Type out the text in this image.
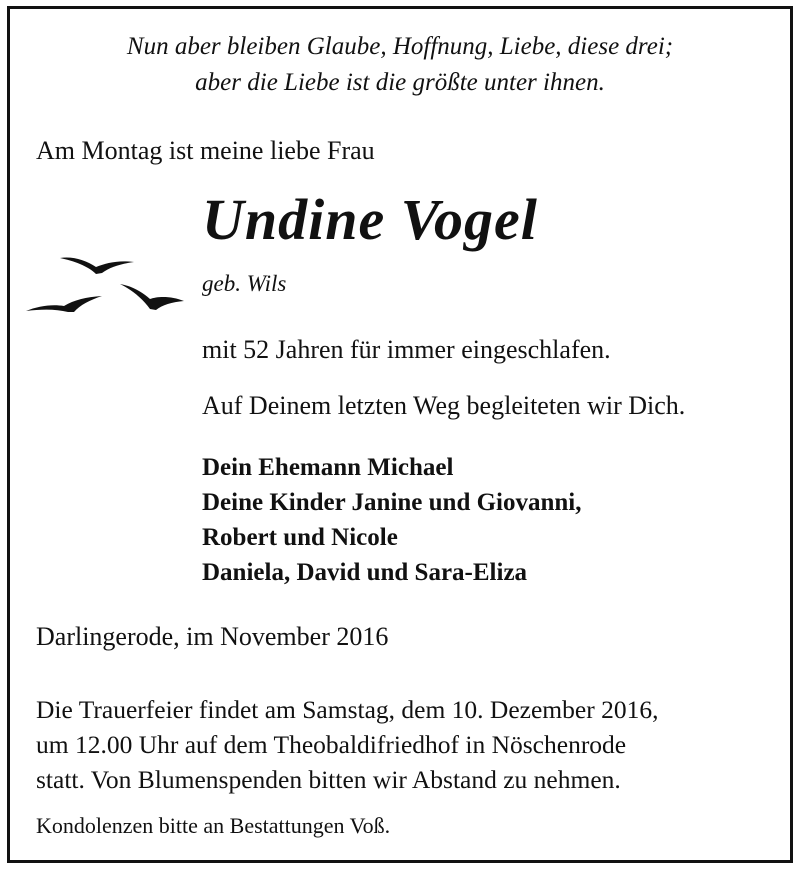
Nun aber bleiben Glaube, Hoffnung, Liebe, diese drei;
aber die Liebe ist die größte unter ihnen.
Am Montag ist meine liebe Frau
Undine Vogel
geb. Wils
mit 52 Jahren für immer eingeschlafen.
Auf Deinem letzten Weg begleiteten wir Dich.
Dein Ehemann Michael
Deine Kinder Janine und Giovanni,
Robert und Nicole
Daniela, David und Sara-Eliza
Darlingerode, im November 2016
Die Trauerfeier findet am Samstag, dem 10. Dezember 2016,
um 12.00 Uhr auf dem Theobaldifriedhof in Nöschenrode
statt. Von Blumenspenden bitten wir Abstand zu nehmen.
Kondolenzen bitte an Bestattungen Voß.
